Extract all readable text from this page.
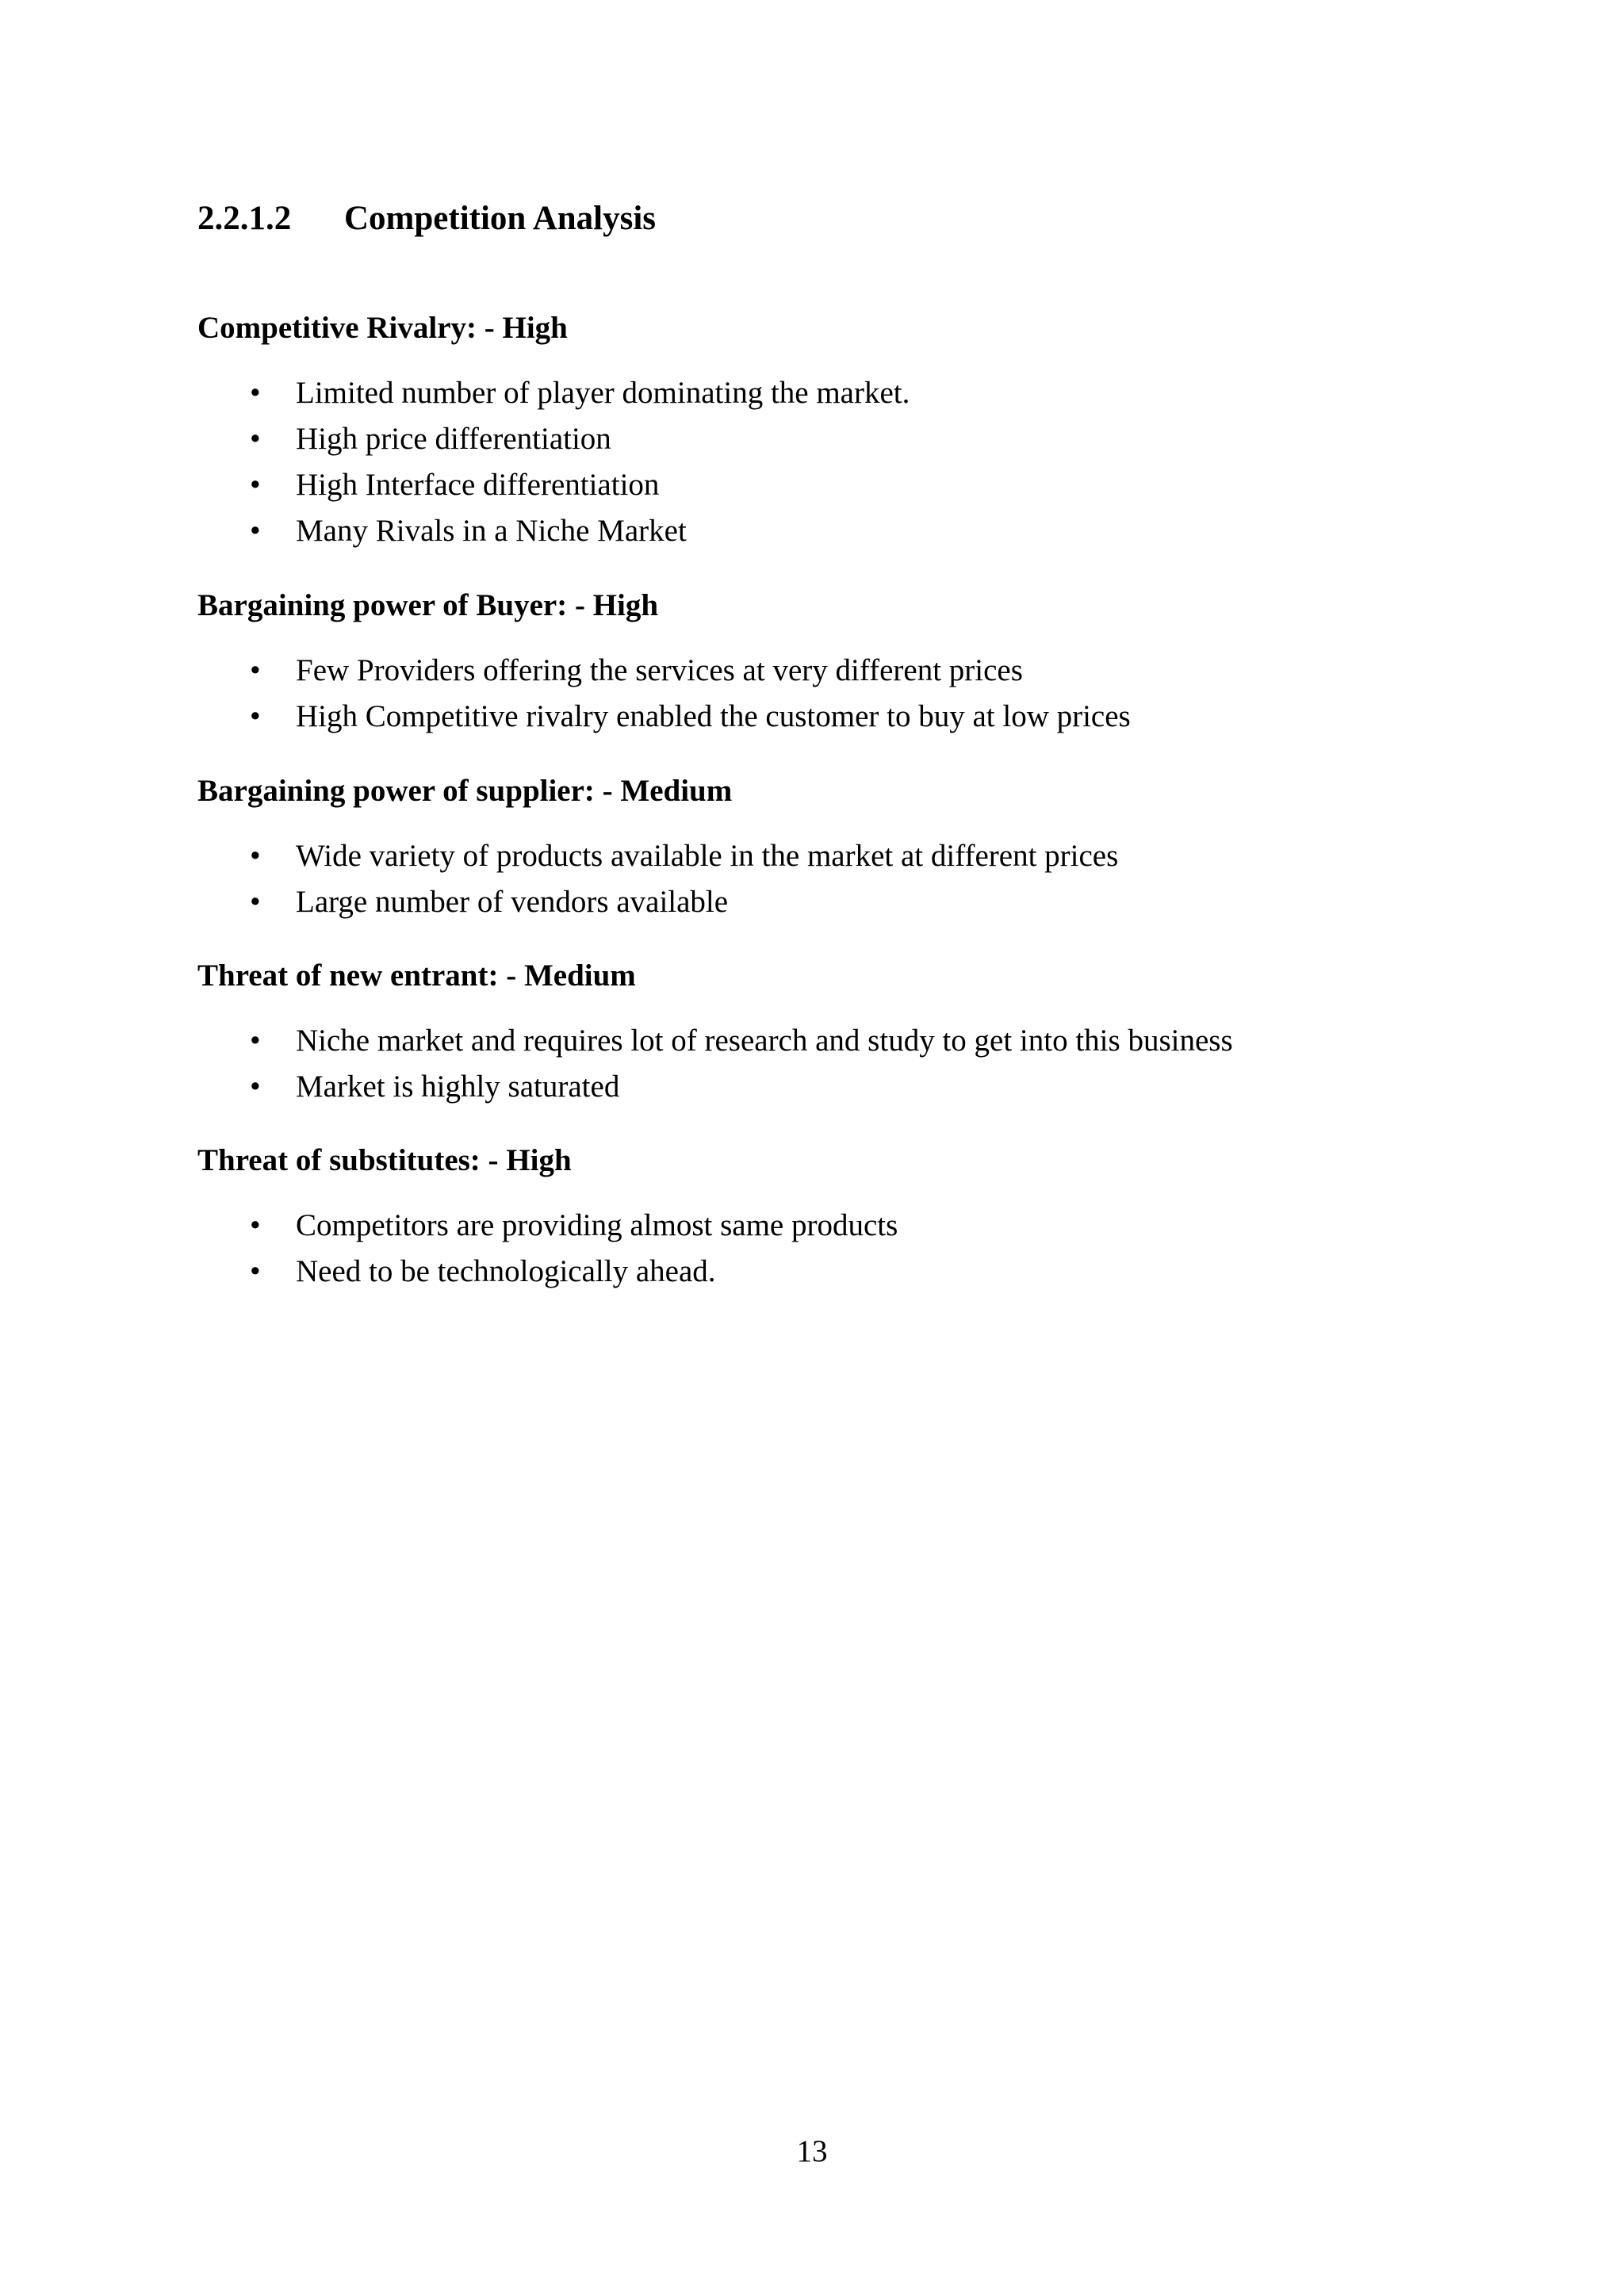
2.2.1.2 Competition Analysis
Competitive Rivalry: - High
• Limited number of player dominating the market.
• High price differentiation
• High Interface differentiation
• Many Rivals in a Niche Market
Bargaining power of Buyer: - High
• Few Providers offering the services at very different prices
• High Competitive rivalry enabled the customer to buy at low prices
Bargaining power of supplier: - Medium
• Wide variety of products available in the market at different prices
• Large number of vendors available
Threat of new entrant: - Medium
• Niche market and requires lot of research and study to get into this business
• Market is highly saturated
Threat of substitutes: - High
• Competitors are providing almost same products
• Need to be technologically ahead.
13
